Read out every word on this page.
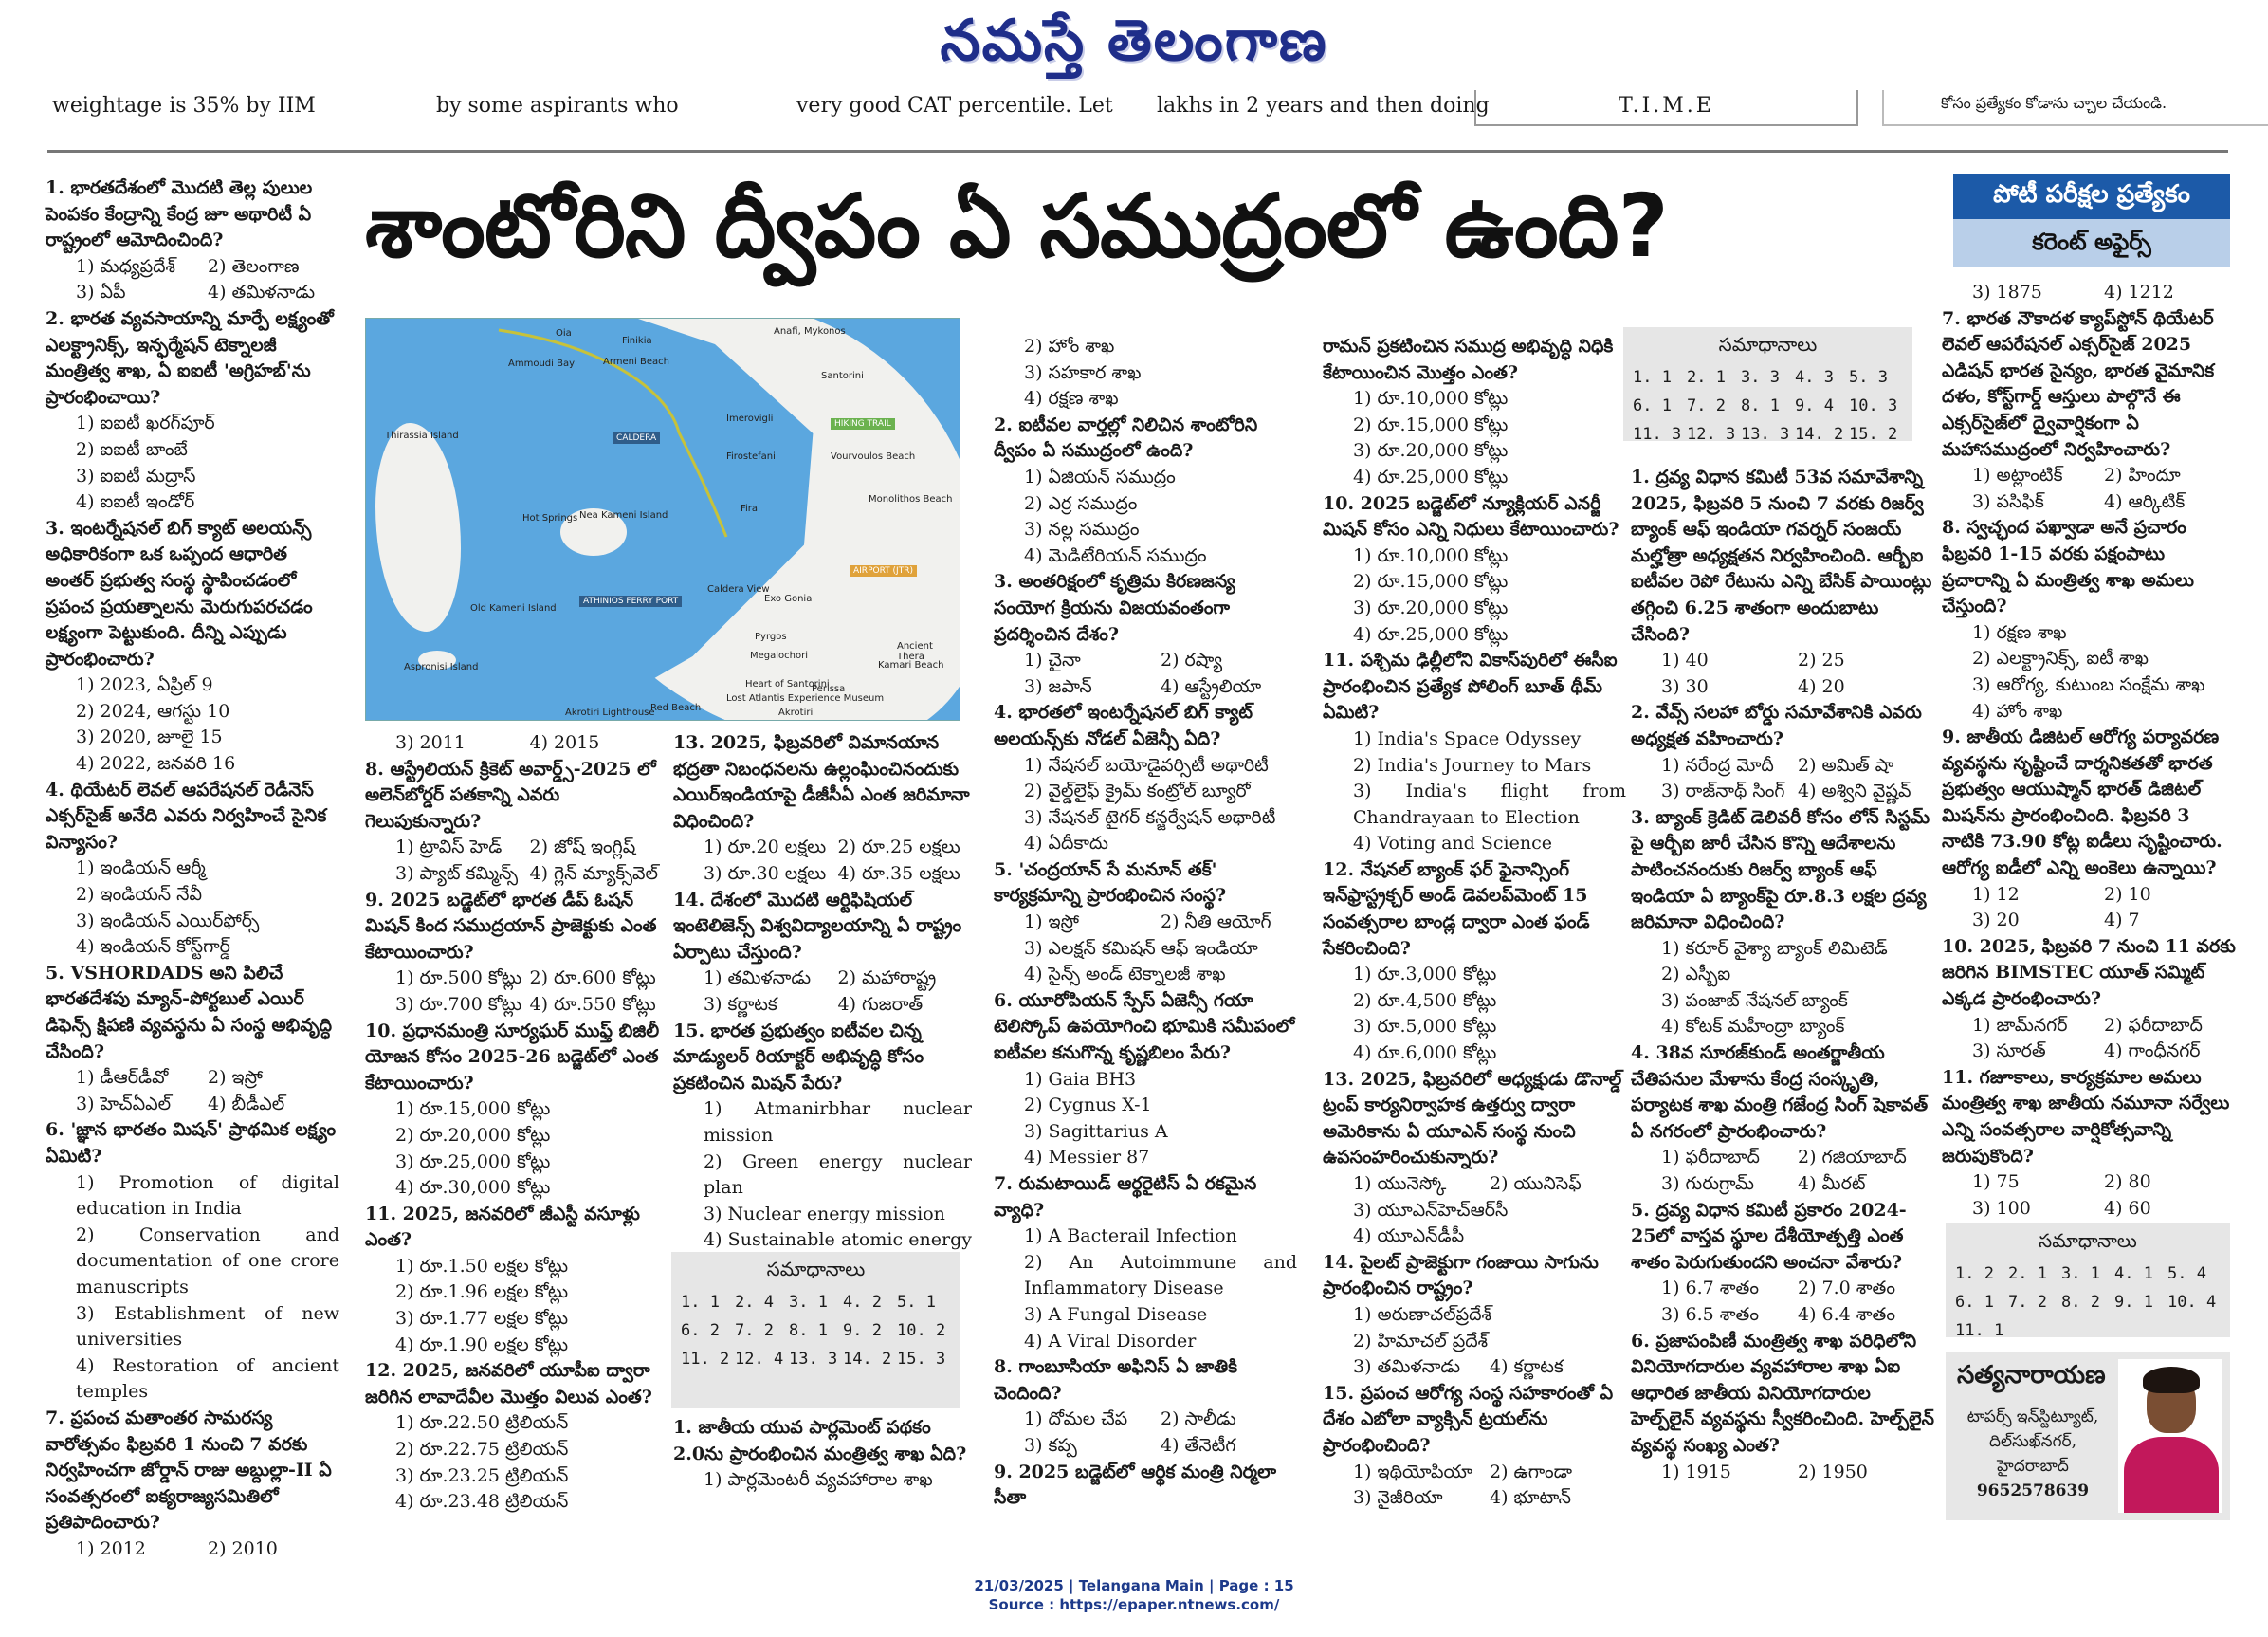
నమస్తే తెలంగాణ
weightage is 35% by IIM	by some aspirants who	very good CAT percentile. Let lakhs in 2 years and then doing	T.I.M.E	కోసం ప్రత్యేకం కోడాను చ్చాల చేయండి.
శాంటోరిని ద్వీపం ఏ సముద్రంలో ఉంది?	పోటీ పరీక్షల ప్రత్యేకం
కరెంట్ అఫైర్స్
Oia
Finikia
Armeni Beach
Ammoudi Bay
Thirassia Island	CALDERA
Imerovigli	HIKING TRAIL
Firostefani
Fira
Vourvoulos Beach
Monolithos Beach
Nea Kameni Island
Hot Springs
Old Kameni Island
AIRPORT (JTR)
ATHINIOS FERRY PORT	Exo Gonia
Pyrgos
Megalochori
Aspronisi Island	Kamari Beach
Akrotiri
Akrotiri Lighthouse
Anafi, Mykonos
Santorini
Heart of Santorini
Lost Atlantis Experience Museum
Caldera View
Ancient Thera
Perissa
Red Beach

1. భారతదేశంలో మొదటి తెల్ల పులుల పెంపకం కేంద్రాన్ని కేంద్ర జూ అథారిటీ ఏ రాష్ట్రంలో ఆమోదించింది?

1) మధ్యప్రదేశ్	2) తెలంగాణ

3) ఏపీ	4) తమిళనాడు

2. భారత వ్యవసాయాన్ని మార్పే లక్ష్యంతో ఎలక్ట్రానిక్స్, ఇన్ఫర్మేషన్ టెక్నాలజీ మంత్రిత్వ శాఖ, ఏ ఐఐటీ 'అగ్రిహబ్'ను ప్రారంభించాయి?

1) ఐఐటీ ఖరగ్‌పూర్

2) ఐఐటీ బాంబే

3) ఐఐటీ మద్రాస్

4) ఐఐటీ ఇండోర్

3. ఇంటర్నేషనల్ బిగ్ క్యాట్ అలయన్స్ అధికారికంగా ఒక ఒప్పంద ఆధారిత అంతర్ ప్రభుత్వ సంస్థ స్థాపించడంలో ప్రపంచ ప్రయత్నాలను మెరుగుపరచడం లక్ష్యంగా పెట్టుకుంది. దీన్ని ఎప్పుడు ప్రారంభించారు?

1) 2023, ఏప్రిల్ 9

2) 2024, ఆగస్టు 10

3) 2020, జూలై 15

4) 2022, జనవరి 16

4. థియేటర్ లెవల్ ఆపరేషనల్ రెడీనెస్ ఎక్సర్‌సైజ్ అనేది ఎవరు నిర్వహించే సైనిక విన్యాసం?

1) ఇండియన్ ఆర్మీ

2) ఇండియన్ నేవీ

3) ఇండియన్ ఎయిర్‌ఫోర్స్

4) ఇండియన్ కోస్ట్‌గార్డ్

5. VSHORDADS అని పిలిచే భారతదేశపు మ్యాన్-పోర్టబుల్ ఎయిర్ డిఫెన్స్ క్షిపణి వ్యవస్థను ఏ సంస్థ అభివృద్ధి చేసింది?

1) డీఆర్‌డీవో	2) ఇస్రో

3) హెచ్‌ఏఎల్	4) బీడీఎల్

6. 'జ్ఞాన భారతం మిషన్' ప్రాథమిక లక్ష్యం ఏమిటి?

1) Promotion of digital education in India

2) Conservation and documentation of one crore manuscripts

3) Establishment of new universities

4) Restoration of ancient temples

7. ప్రపంచ మతాంతర సామరస్య వారోత్సవం ఫిబ్రవరి 1 నుంచి 7 వరకు నిర్వహించగా జోర్డాన్ రాజు అబ్దుల్లా-II ఏ సంవత్సరంలో ఐక్యరాజ్యసమితిలో ప్రతిపాదించారు?

1) 2012	2) 2010

3) 2011	4) 2015

8. ఆస్ట్రేలియన్ క్రికెట్ అవార్డ్స్-2025 లో అలెన్‌బోర్డర్ పతకాన్ని ఎవరు గెలుపుకున్నారు?

1) ట్రావిస్ హెడ్	2) జోష్ ఇంగ్లిష్

3) ప్యాట్ కమ్మిన్స్ 4) గ్లెన్ మ్యాక్స్‌వెల్

9. 2025 బడ్జెట్‌లో భారత డీప్ ఓషన్ మిషన్ కింద సముద్రయాన్ ప్రాజెక్టుకు ఎంత కేటాయించారు?

1) రూ.500 కోట్లు 2) రూ.600 కోట్లు

3) రూ.700 కోట్లు 4) రూ.550 కోట్లు

10. ప్రధానమంత్రి సూర్యఘర్ ముఫ్త్ బిజిలీ యోజన కోసం 2025-26 బడ్జెట్‌లో ఎంత కేటాయించారు?

1) రూ.15,000 కోట్లు

2) రూ.20,000 కోట్లు

3) రూ.25,000 కోట్లు

4) రూ.30,000 కోట్లు

11. 2025, జనవరిలో జీఎస్టీ వసూళ్లు ఎంత?

1) రూ.1.50 లక్షల కోట్లు

2) రూ.1.96 లక్షల కోట్లు

3) రూ.1.77 లక్షల కోట్లు

4) రూ.1.90 లక్షల కోట్లు

12. 2025, జనవరిలో యూపీఐ ద్వారా జరిగిన లావాదేవీల మొత్తం విలువ ఎంత?

1) రూ.22.50 ట్రిలియన్

2) రూ.22.75 ట్రిలియన్

3) రూ.23.25 ట్రిలియన్

4) రూ.23.48 ట్రిలియన్

13. 2025, ఫిబ్రవరిలో విమానయాన భద్రతా నిబంధనలను ఉల్లంఘించినందుకు ఎయిర్‌ఇండియాపై డీజీసీఏ ఎంత జరిమానా విధించింది?

1) రూ.20 లక్షలు 2) రూ.25 లక్షలు

3) రూ.30 లక్షలు 4) రూ.35 లక్షలు

14. దేశంలో మొదటి ఆర్టిఫిషియల్ ఇంటెలిజెన్స్ విశ్వవిద్యాలయాన్ని ఏ రాష్ట్రం ఏర్పాటు చేస్తుంది?

1) తమిళనాడు	2) మహారాష్ట్ర

3) కర్ణాటక	4) గుజరాత్

15. భారత ప్రభుత్వం ఐటీవల చిన్న మాడ్యులర్ రియాక్టర్ అభివృద్ధి కోసం ప్రకటించిన మిషన్ పేరు?

1) Atmanirbhar nuclear mission

2) Green energy nuclear plan

3) Nuclear energy mission

4) Sustainable atomic energy

సమాధానాలు
1. 1 2. 4 3. 1 4. 2 5. 1
6. 2 7. 2 8. 1 9. 2 10. 2
11. 2 12. 4 13. 3 14. 2 15. 3

1. జాతీయ యువ పార్లమెంట్ పథకం 2.0ను ప్రారంభించిన మంత్రిత్వ శాఖ ఏది?

1) పార్లమెంటరీ వ్యవహారాల శాఖ

2) హోం శాఖ

3) సహకార శాఖ

4) రక్షణ శాఖ

2. ఐటీవల వార్తల్లో నిలిచిన శాంటోరిని ద్వీపం ఏ సముద్రంలో ఉంది?

1) ఏజియన్ సముద్రం

2) ఎర్ర సముద్రం

3) నల్ల సముద్రం

4) మెడిటేరియన్ సముద్రం

3. అంతరిక్షంలో కృత్రిమ కిరణజన్య సంయోగ క్రియను విజయవంతంగా ప్రదర్శించిన దేశం?

1) చైనా	2) రష్యా

3) జపాన్	4) ఆస్ట్రేలియా

4. భారతలో ఇంటర్నేషనల్ బిగ్ క్యాట్ అలయన్స్‌కు నోడల్ ఏజెన్సీ ఏది?

1) నేషనల్ బయోడైవర్సిటీ అథారిటీ

2) వైల్డ్‌లైఫ్ క్రైమ్ కంట్రోల్ బ్యూరో

3) నేషనల్ టైగర్ కన్జర్వేషన్ అథారిటీ

4) ఏదీకాదు

5. 'చంద్రయాన్ సే మనూన్ తక్' కార్యక్రమాన్ని ప్రారంభించిన సంస్థ?

1) ఇస్రో	2) నీతి ఆయోగ్

3) ఎలక్షన్ కమిషన్ ఆఫ్ ఇండియా

4) సైన్స్ అండ్ టెక్నాలజీ శాఖ

6. యూరోపియన్ స్పేస్ ఏజెన్సీ గయా టెలిస్కోప్ ఉపయోగించి భూమికి సమీపంలో ఐటీవల కనుగొన్న కృష్ణబిలం పేరు?

1) Gaia BH3

2) Cygnus X-1

3) Sagittarius A

4) Messier 87

7. రుమటాయిడ్ ఆర్థరైటిస్ ఏ రకమైన వ్యాధి?

1) A Bacterail Infection

2) An Autoimmune and Inflammatory Disease

3) A Fungal Disease

4) A Viral Disorder

8. గాంబూసియా అఫినిస్ ఏ జాతికి చెందింది?

1) దోమల చేప	2) సాలీడు

3) కప్ప	4) తేనెటీగ

9. 2025 బడ్జెట్‌లో ఆర్థిక మంత్రి నిర్మలా సీతా

రామన్ ప్రకటించిన సముద్ర అభివృద్ధి నిధికి కేటాయించిన మొత్తం ఎంత?

1) రూ.10,000 కోట్లు

2) రూ.15,000 కోట్లు

3) రూ.20,000 కోట్లు

4) రూ.25,000 కోట్లు

10. 2025 బడ్జెట్‌లో న్యూక్లియర్ ఎనర్జీ మిషన్ కోసం ఎన్ని నిధులు కేటాయించారు?

1) రూ.10,000 కోట్లు

2) రూ.15,000 కోట్లు

3) రూ.20,000 కోట్లు

4) రూ.25,000 కోట్లు

11. పశ్చిమ ఢిల్లీలోని వికాస్‌పురిలో ఈసీఐ ప్రారంభించిన ప్రత్యేక పోలింగ్ బూత్ థీమ్ ఏమిటి?

1) India's Space Odyssey

2) India's Journey to Mars

3) India's flight from Chandrayaan to Election

4) Voting and Science

12. నేషనల్ బ్యాంక్ ఫర్ ఫైనాన్సింగ్ ఇన్‌ఫ్రాస్ట్రక్చర్ అండ్ డెవలప్‌మెంట్ 15 సంవత్సరాల బాండ్ల ద్వారా ఎంత ఫండ్ సేకరించింది?

1) రూ.3,000 కోట్లు

2) రూ.4,500 కోట్లు

3) రూ.5,000 కోట్లు

4) రూ.6,000 కోట్లు

13. 2025, ఫిబ్రవరిలో అధ్యక్షుడు డొనాల్డ్ ట్రంప్ కార్యనిర్వాహక ఉత్తర్వు ద్వారా అమెరికాను ఏ యూఎన్ సంస్థ నుంచి ఉపసంహరించుకున్నారు?

1) యునెస్కో	2) యునిసెఫ్

3) యూఎన్‌హెచ్‌ఆర్‌సీ

4) యూఎన్‌డీపీ

14. పైలట్ ప్రాజెక్టుగా గంజాయి సాగును ప్రారంభించిన రాష్ట్రం?

1) అరుణాచల్‌ప్రదేశ్

2) హిమాచల్ ప్రదేశ్

3) తమిళనాడు	4) కర్ణాటక

15. ప్రపంచ ఆరోగ్య సంస్థ సహకారంతో ఏ దేశం ఎబోలా వ్యాక్సిన్ ట్రయల్‌ను ప్రారంభించింది?

1) ఇథియోపియా 2) ఉగాండా

3) నైజీరియా	4) భూటాన్

సమాధానాలు
1. 1 2. 1 3. 3 4. 3 5. 3
6. 1 7. 2 8. 1 9. 4 10. 3
11. 3 12. 3 13. 3 14. 2 15. 2

1. ద్రవ్య విధాన కమిటీ 53వ సమావేశాన్ని 2025, ఫిబ్రవరి 5 నుంచి 7 వరకు రిజర్వ్ బ్యాంక్ ఆఫ్ ఇండియా గవర్నర్ సంజయ్ మల్హోత్రా అధ్యక్షతన నిర్వహించింది. ఆర్బీఐ ఐటీవల రెపో రేటును ఎన్ని బేసిక్ పాయింట్లు తగ్గించి 6.25 శాతంగా అందుబాటు చేసింది?

1) 40	2) 25

3) 30	4) 20

2. వేవ్స్ సలహా బోర్డు సమావేశానికి ఎవరు అధ్యక్షత వహించారు?

1) నరేంద్ర మోదీ	2) అమిత్ షా

3) రాజ్‌నాథ్ సింగ్ 4) అశ్విని వైష్ణవ్

3. బ్యాంక్ క్రెడిట్ డెలివరీ కోసం లోన్ సిస్టమ్ పై ఆర్బీఐ జారీ చేసిన కొన్ని ఆదేశాలను పాటించనందుకు రిజర్వ్ బ్యాంక్ ఆఫ్ ఇండియా ఏ బ్యాంక్‌పై రూ.8.3 లక్షల ద్రవ్య జరిమానా విధించింది?

1) కరూర్ వైశ్యా బ్యాంక్ లిమిటెడ్

2) ఎస్బీఐ

3) పంజాబ్ నేషనల్ బ్యాంక్

4) కోటక్ మహీంద్రా బ్యాంక్

4. 38వ సూరజ్‌కుండ్ అంతర్జాతీయ చేతిపనుల మేళాను కేంద్ర సంస్కృతి, పర్యాటక శాఖ మంత్రి గజేంద్ర సింగ్ షెకావత్ ఏ నగరంలో ప్రారంభించారు?

1) ఫరీదాబాద్	2) గజియాబాద్

3) గురుగ్రామ్	4) మీరట్

5. ద్రవ్య విధాన కమిటీ ప్రకారం 2024-25లో వాస్తవ స్థూల దేశీయోత్పత్తి ఎంత శాతం పెరుగుతుందని అంచనా వేశారు?

1) 6.7 శాతం	2) 7.0 శాతం

3) 6.5 శాతం	4) 6.4 శాతం

6. ప్రజాపంపిణీ మంత్రిత్వ శాఖ పరిధిలోని వినియోగదారుల వ్యవహారాల శాఖ ఏఐ ఆధారిత జాతీయ వినియోగదారుల హెల్ప్‌లైన్ వ్యవస్థను స్వీకరించింది. హెల్ప్‌లైన్ వ్యవస్థ సంఖ్య ఎంత?

1) 1915	2) 1950

3) 1875	4) 1212

7. భారత నౌకాదళ క్యాప్‌స్టోన్ థియేటర్ లెవల్ ఆపరేషనల్ ఎక్సర్‌సైజ్ 2025 ఎడిషన్ భారత సైన్యం, భారత వైమానిక దళం, కోస్ట్‌గార్డ్ ఆస్తులు పాల్గొనే ఈ ఎక్సర్‌సైజ్‌లో ద్వైవార్షికంగా ఏ మహాసముద్రంలో నిర్వహించారు?

1) అట్లాంటిక్	2) హిందూ

3) పసిఫిక్	4) ఆర్కిటిక్

8. స్వచ్ఛంద పఖ్వాడా అనే ప్రచారం ఫిబ్రవరి 1-15 వరకు పక్షంపాటు ప్రచారాన్ని ఏ మంత్రిత్వ శాఖ అమలు చేస్తుంది?

1) రక్షణ శాఖ

2) ఎలక్ట్రానిక్స్, ఐటీ శాఖ

3) ఆరోగ్య, కుటుంబ సంక్షేమ శాఖ

4) హోం శాఖ

9. జాతీయ డిజిటల్ ఆరోగ్య పర్యావరణ వ్యవస్థను సృష్టించే దార్శనికతతో భారత ప్రభుత్వం ఆయుష్మాన్ భారత్ డిజిటల్ మిషన్‌ను ప్రారంభించింది. ఫిబ్రవరి 3 నాటికి 73.90 కోట్ల ఐడీలు సృష్టించారు. ఆరోగ్య ఐడీలో ఎన్ని అంకెలు ఉన్నాయి?

1) 12	2) 10

3) 20	4) 7

10. 2025, ఫిబ్రవరి 7 నుంచి 11 వరకు జరిగిన BIMSTEC యూత్ సమ్మిట్ ఎక్కడ ప్రారంభించారు?

1) జామ్‌నగర్	2) ఫరీదాబాద్

3) సూరత్	4) గాంధీనగర్

11. గజూకాలు, కార్యక్రమాల అమలు మంత్రిత్వ శాఖ జాతీయ నమూనా సర్వేలు ఎన్ని సంవత్సరాల వార్షికోత్సవాన్ని జరుపుకొంది?

1) 75	2) 80

3) 100	4) 60

సమాధానాలు
1. 2 2. 1 3. 1 4. 1 5. 4
6. 1 7. 2 8. 2 9. 1 10. 4
11. 1
సత్యనారాయణ
టాపర్స్ ఇన్‌స్టిట్యూట్,
దిల్‌సుఖ్‌నగర్,
హైదరాబాద్
9652578639
21/03/2025 | Telangana Main | Page : 15
Source : https://epaper.ntnews.com/
